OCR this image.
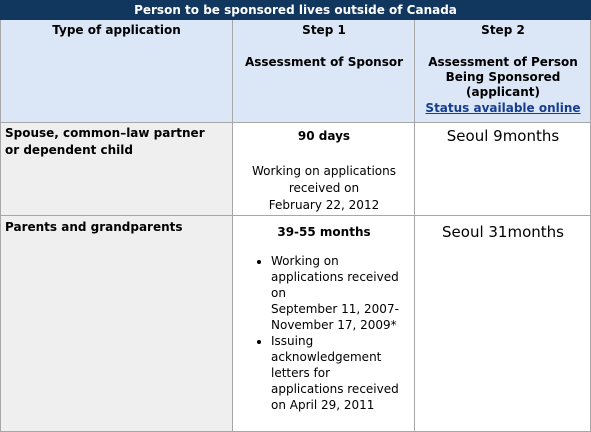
Person to be sponsored lives outside of Canada
Type of application	Step 1
Assessment of Sponsor
Step 2
Assessment of Person
Being Sponsored
(applicant)
Status available online
Spouse, common–law partner
or dependent child
90 days
Working on applications
received on
February 22, 2012
Seoul 9months
Parents and grandparents	39-55 months
• Working on
applications received
on
September 11, 2007-
November 17, 2009*
• Issuing
acknowledgement
letters for
applications received
on April 29, 2011
Seoul 31months
